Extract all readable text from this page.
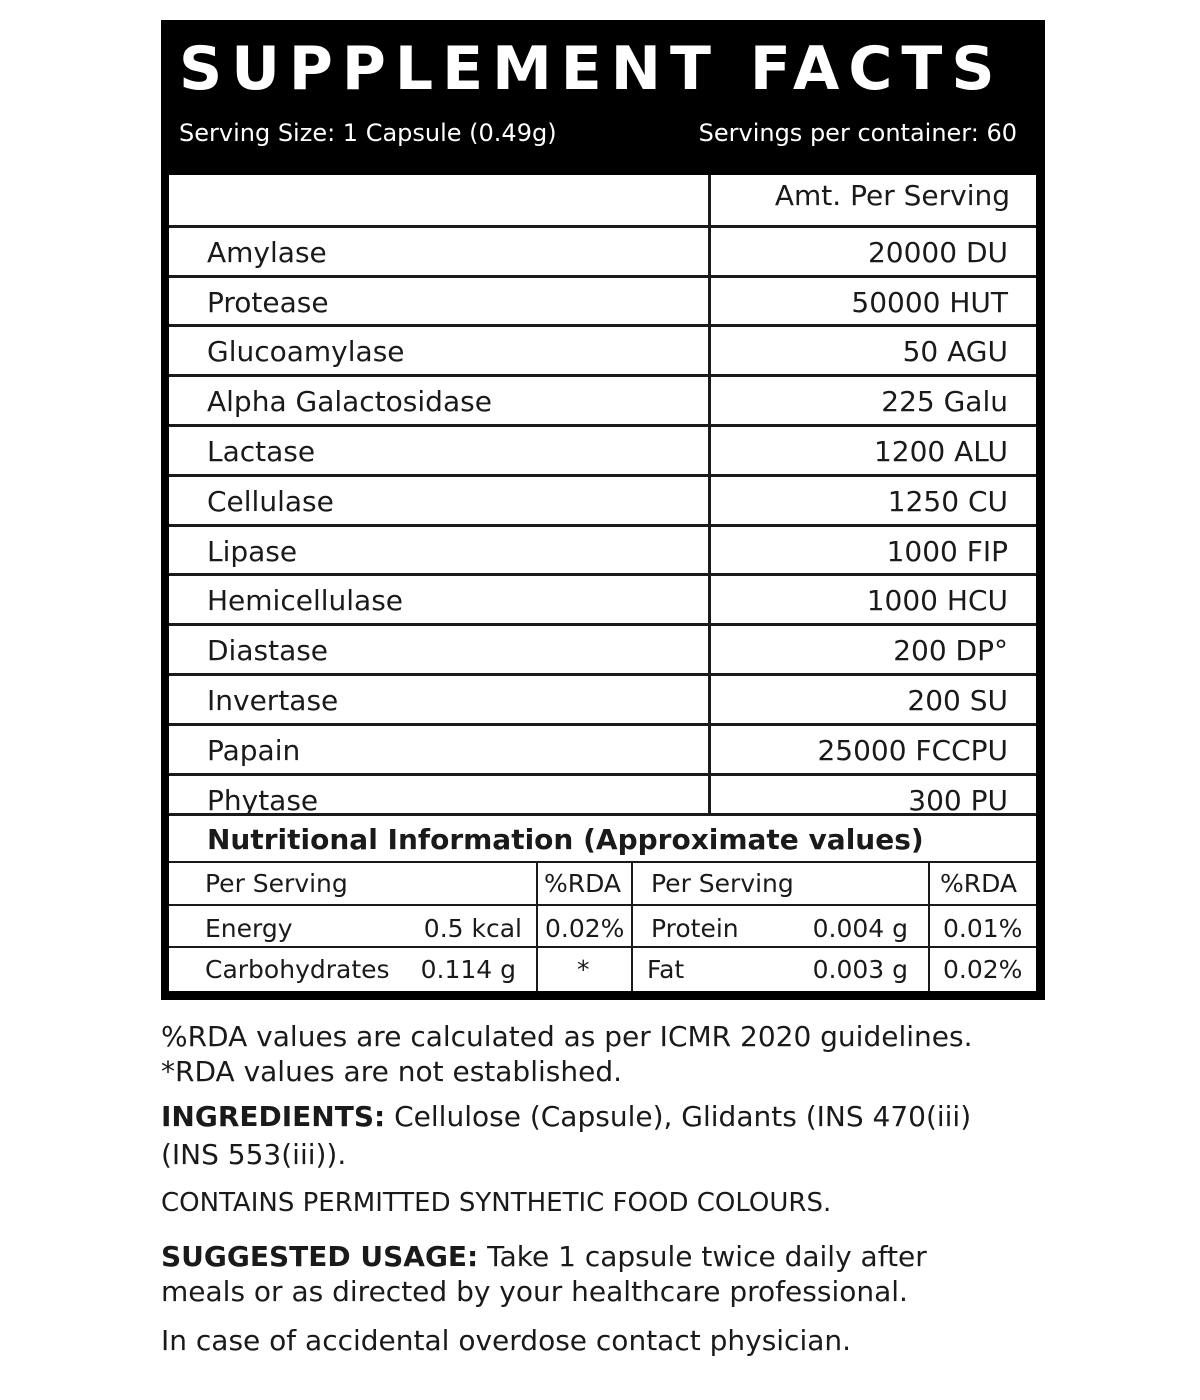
SUPPLEMENT FACTS
Serving Size: 1 Capsule (0.49g)	Servings per container: 60
Amt. Per Serving
Amylase	20000 DU
Protease	50000 HUT
Glucoamylase	50 AGU
Alpha Galactosidase	225 Galu
Lactase	1200 ALU
Cellulase	1250 CU
Lipase	1000 FIP
Hemicellulase	1000 HCU
Diastase	200 DP°
Invertase	200 SU
Papain	25000 FCCPU
Phytase	300 PU
Nutritional Information (Approximate values)
Per Serving	%RDA Per Serving	%RDA
Energy	0.5 kcal 0.02% Protein	0.004 g 0.01%
Carbohydrates 0.114 g * Fat	0.003 g 0.02%
%RDA values are calculated as per ICMR 2020 guidelines.
*RDA values are not established.
INGREDIENTS: Cellulose (Capsule), Glidants (INS 470(iii)
(INS 553(iii)).
CONTAINS PERMITTED SYNTHETIC FOOD COLOURS.
SUGGESTED USAGE: Take 1 capsule twice daily after
meals or as directed by your healthcare professional.
In case of accidental overdose contact physician.
